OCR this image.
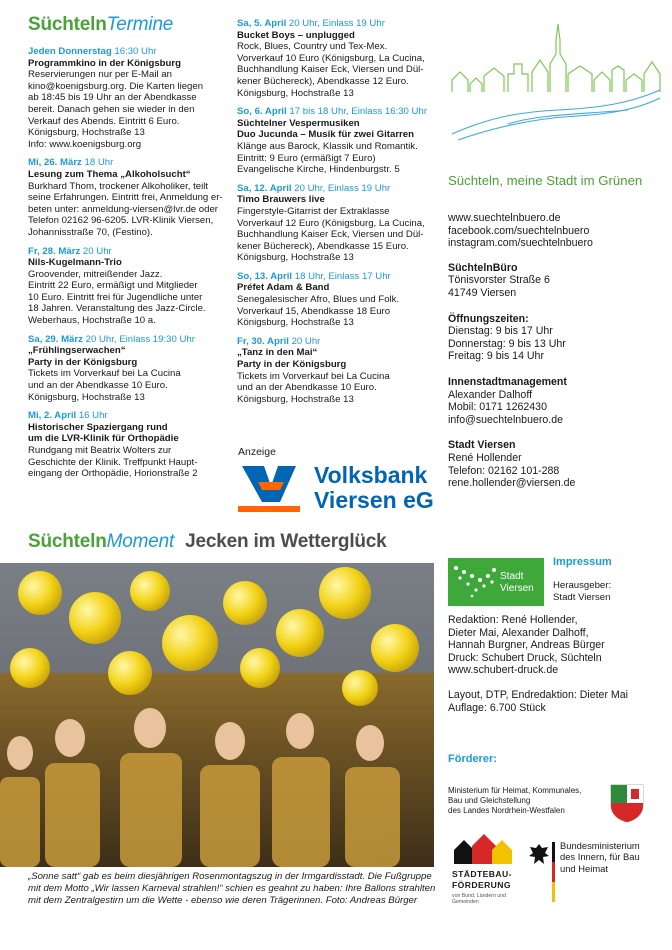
SüchtelnTermine
Jeden Donnerstag 16:30 Uhr
Programmkino in der Königsburg
Reservierungen nur per E-Mail an
kino@koenigsburg.org. Die Karten liegen
ab 18:45 bis 19 Uhr an der Abendkasse
bereit. Danach gehen sie wieder in den
Verkauf des Abends. Eintritt 6 Euro.
Königsburg, Hochstraße 13
Info: www.koenigsburg.org
Mi, 26. März 18 Uhr
Lesung zum Thema „Alkoholsucht“
Burkhard Thom, trockener Alkoholiker, teilt
seine Erfahrungen. Eintritt frei, Anmeldung er-
beten unter: anmeldung-viersen@lvr.de oder
Telefon 02162 96-6205. LVR-Klinik Viersen,
Johannisstraße 70, (Festino).
Fr, 28. März 20 Uhr
Nils-Kugelmann-Trio
Groovender, mitreißender Jazz.
Eintritt 22 Euro, ermäßigt und Mitglieder
10 Euro. Eintritt frei für Jugendliche unter
18 Jahren. Veranstaltung des Jazz-Circle.
Weberhaus, Hochstraße 10 a.
Sa, 29. März 20 Uhr, Einlass 19:30 Uhr
„Frühlingserwachen“
Party in der Königsburg
Tickets im Vorverkauf bei La Cucina
und an der Abendkasse 10 Euro.
Königsburg, Hochstraße 13
Mi, 2. April 16 Uhr
Historischer Spaziergang rund
um die LVR-Klinik für Orthopädie
Rundgang mit Beatrix Wolters zur
Geschichte der Klinik. Treffpunkt Haupt-
eingang der Orthopädie, Horionstraße 2
Sa, 5. April 20 Uhr, Einlass 19 Uhr
Bucket Boys – unplugged
Rock, Blues, Country und Tex-Mex.
Vorverkauf 10 Euro (Königsburg, La Cucina,
Buchhandlung Kaiser Eck, Viersen und Dül-
kener Büchereck), Abendkasse 12 Euro.
Königsburg, Hochstraße 13
So, 6. April 17 bis 18 Uhr, Einlass 16:30 Uhr
Süchtelner Vespermusiken
Duo Jucunda – Musik für zwei Gitarren
Klänge aus Barock, Klassik und Romantik.
Eintritt: 9 Euro (ermäßigt 7 Euro)
Evangelische Kirche, Hindenburgstr. 5
Sa, 12. April 20 Uhr, Einlass 19 Uhr
Timo Brauwers live
Fingerstyle-Gitarrist der Extraklasse
Vorverkauf 12 Euro (Königsburg, La Cucina,
Buchhandlung Kaiser Eck, Viersen und Dül-
kener Büchereck), Abendkasse 15 Euro.
Königsburg, Hochstraße 13
So, 13. April 18 Uhr, Einlass 17 Uhr
Préfet Adam & Band
Senegalesischer Afro, Blues und Folk.
Vorverkauf 15, Abendkasse 18 Euro
Königsburg, Hochstraße 13
Fr, 30. April 20 Uhr
„Tanz in den Mai“
Party in der Königsburg
Tickets im Vorverkauf bei La Cucina
und an der Abendkasse 10 Euro.
Königsburg, Hochstraße 13
Anzeige
Volksbank
Viersen eG
Süchteln, meine Stadt im Grünen
www.suechtelnbuero.de
facebook.com/suechtelnbuero
instagram.com/suechtelnbuero
SüchtelnBüro
Tönisvorster Straße 6
41749 Viersen
Öffnungszeiten:
Dienstag: 9 bis 17 Uhr
Donnerstag: 9 bis 13 Uhr
Freitag: 9 bis 14 Uhr
Innenstadtmanagement
Alexander Dalhoff
Mobil: 0171 1262430
info@suechtelnbuero.de
Stadt Viersen
René Hollender
Telefon: 02162 101-288
rene.hollender@viersen.de
SüchtelnMoment Jecken im Wetterglück
„Sonne satt“ gab es beim diesjährigen Rosenmontagszug in der Irmgardisstadt. Die Fußgruppe mit dem Motto „Wir lassen Karneval strahlen!“ schien es geahnt zu haben: Ihre Ballons strahlten mit dem Zentralgestirn um die Wette - ebenso wie deren Trägerinnen. Foto: Andreas Bürger
Stadt
Viersen
Impressum
Herausgeber:
Stadt Viersen
Redaktion: René Hollender,
Dieter Mai, Alexander Dalhoff,
Hannah Burgner, Andreas Bürger
Druck: Schubert Druck, Süchteln
www.schubert-druck.de
Layout, DTP, Endredaktion: Dieter Mai
Auflage: 6.700 Stück
Förderer:
Ministerium für Heimat, Kommunales,
Bau und Gleichstellung
des Landes Nordrhein-Westfalen
STÄDTEBAU-
FÖRDERUNG
von Bund, Ländern und
Gemeinden
Bundesministerium
des Innern, für Bau
und Heimat
